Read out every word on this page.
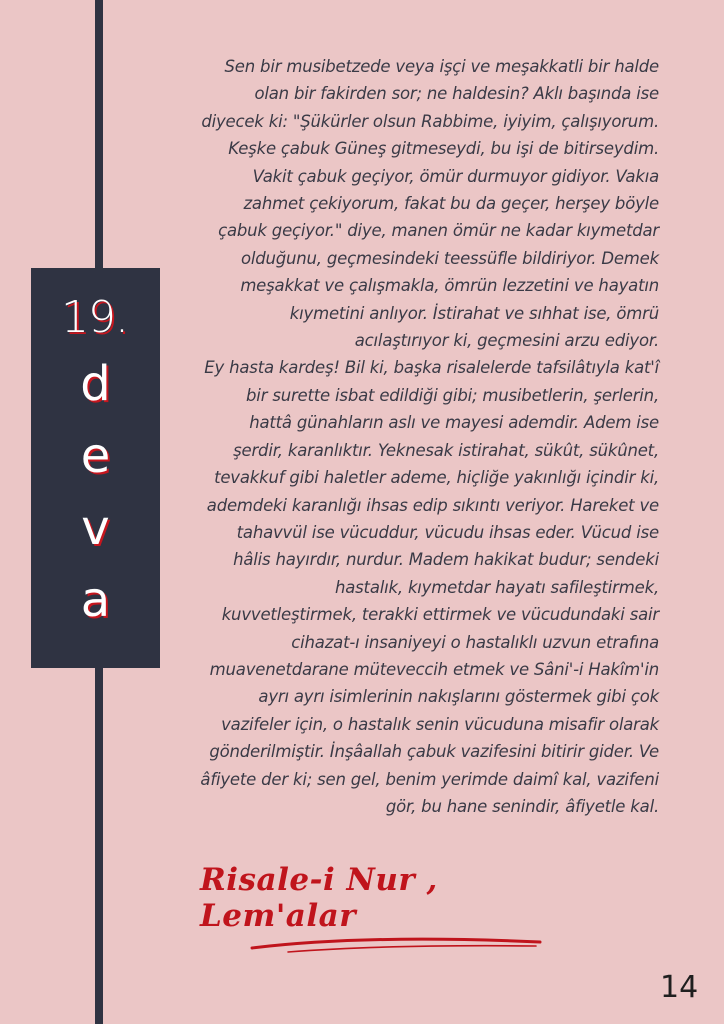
19.
d
e
v
a

Sen bir musibetzede veya işçi ve meşakkatli bir halde
olan bir fakirden sor; ne haldesin? Aklı başında ise
diyecek ki: "Şükürler olsun Rabbime, iyiyim, çalışıyorum.
Keşke çabuk Güneş gitmeseydi, bu işi de bitirseydim.
Vakit çabuk geçiyor, ömür durmuyor gidiyor. Vakıa
zahmet çekiyorum, fakat bu da geçer, herşey böyle
çabuk geçiyor." diye, manen ömür ne kadar kıymetdar
olduğunu, geçmesindeki teessüfle bildiriyor. Demek
meşakkat ve çalışmakla, ömrün lezzetini ve hayatın
kıymetini anlıyor. İstirahat ve sıhhat ise, ömrü
acılaştırıyor ki, geçmesini arzu ediyor.

Ey hasta kardeş! Bil ki, başka risalelerde tafsilâtıyla kat'î
bir surette isbat edildiği gibi; musibetlerin, şerlerin,
hattâ günahların aslı ve mayesi ademdir. Adem ise
şerdir, karanlıktır. Yeknesak istirahat, sükût, sükûnet,
tevakkuf gibi haletler ademe, hiçliğe yakınlığı içindir ki,
ademdeki karanlığı ihsas edip sıkıntı veriyor. Hareket ve
tahavvül ise vücuddur, vücudu ihsas eder. Vücud ise
hâlis hayırdır, nurdur. Madem hakikat budur; sendeki
hastalık, kıymetdar hayatı safileştirmek,
kuvvetleştirmek, terakki ettirmek ve vücudundaki sair
cihazat-ı insaniyeyi o hastalıklı uzvun etrafına
muavenetdarane müteveccih etmek ve Sâni'-i Hakîm'in
ayrı ayrı isimlerinin nakışlarını göstermek gibi çok
vazifeler için, o hastalık senin vücuduna misafir olarak
gönderilmiştir. İnşâallah çabuk vazifesini bitirir gider. Ve
âfiyete der ki; sen gel, benim yerimde daimî kal, vazifeni
gör, bu hane senindir, âfiyetle kal.

Risale-i Nur , Lem'alar
14
